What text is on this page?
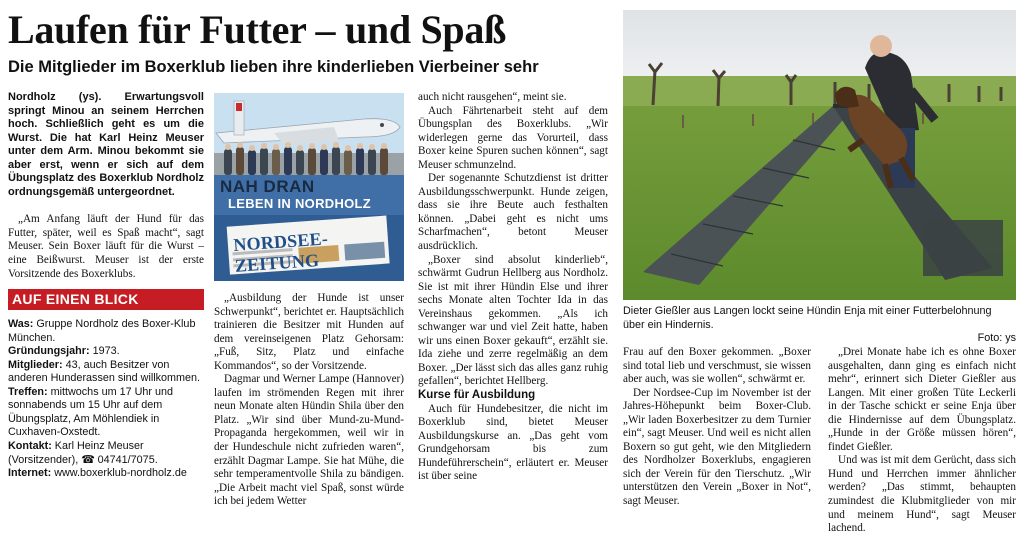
Laufen für Futter – und Spaß
Die Mitglieder im Boxerklub lieben ihre kinderlieben Vierbeiner sehr

Nordholz (ys). Erwartungsvoll springt Minou an seinem Herrchen hoch. Schließlich geht es um die Wurst. Die hat Karl Heinz Meuser unter dem Arm. Minou bekommt sie aber erst, wenn er sich auf dem Übungsplatz des Boxerklub Nordholz ordnungsgemäß untergeordnet.

„Am Anfang läuft der Hund für das Futter, später, weil es Spaß macht“, sagt Meuser. Sein Boxer läuft für die Wurst – eine Beißwurst. Meuser ist der erste Vorsitzende des Boxerklubs.

AUF EINEN BLICK
Was: Gruppe Nordholz des Boxer-Klub München.
Gründungsjahr: 1973.
Mitglieder: 43, auch Besitzer von anderen Hunderassen sind willkommen.
Treffen: mittwochs um 17 Uhr und sonnabends um 15 Uhr auf dem Übungsplatz, Am Möhlendiek in Cuxhaven-Oxstedt.
Kontakt: Karl Heinz Meuser (Vorsitzender), ☎ 04741/7075.
Internet: www.boxerklub-nordholz.de
NAH DRAN
LEBEN IN NORDHOLZ
NORDSEE-ZEITUNG

„Ausbildung der Hunde ist unser Schwerpunkt“, berichtet er. Hauptsächlich trainieren die Besitzer mit Hunden auf dem vereinseigenen Platz Gehorsam: „Fuß, Sitz, Platz und einfache Kommandos“, so der Vorsitzende.

Dagmar und Werner Lampe (Hannover) laufen im strömenden Regen mit ihrer neun Monate alten Hündin Shila über den Platz. „Wir sind über Mund-zu-Mund-Propaganda hergekommen, weil wir in der Hundeschule nicht zufrieden waren“, erzählt Dagmar Lampe. Sie hat Mühe, die sehr temperamentvolle Shila zu bändigen. „Die Arbeit macht viel Spaß, sonst würde ich bei jedem Wetter

auch nicht rausgehen“, meint sie.

Auch Fährtenarbeit steht auf dem Übungsplan des Boxerklubs. „Wir widerlegen gerne das Vorurteil, dass Boxer keine Spuren suchen können“, sagt Meuser schmunzelnd.

Der sogenannte Schutzdienst ist dritter Ausbildungsschwerpunkt. Hunde zeigen, dass sie ihre Beute auch festhalten können. „Dabei geht es nicht ums Scharfmachen“, betont Meuser ausdrücklich.

„Boxer sind absolut kinderlieb“, schwärmt Gudrun Hellberg aus Nordholz. Sie ist mit ihrer Hündin Else und ihrer sechs Monate alten Tochter Ida in das Vereinshaus gekommen. „Als ich schwanger war und viel Zeit hatte, haben wir uns einen Boxer gekauft“, erzählt sie. Ida ziehe und zerre regelmäßig an dem Boxer. „Der lässt sich das alles ganz ruhig gefallen“, berichtet Hellberg.

Kurse für Ausbildung

Auch für Hundebesitzer, die nicht im Boxerklub sind, bietet Meuser Ausbildungskurse an. „Das geht vom Grundgehorsam bis zum Hundeführerschein“, erläutert er. Meuser ist über seine

Dieter Gießler aus Langen lockt seine Hündin Enja mit einer Futterbelohnung über ein Hindernis.
Foto: ys

Frau auf den Boxer gekommen. „Boxer sind total lieb und verschmust, sie wissen aber auch, was sie wollen“, schwärmt er.

Der Nordsee-Cup im November ist der Jahres-Höhepunkt beim Boxer-Club. „Wir laden Boxerbesitzer zu dem Turnier ein“, sagt Meuser. Und weil es nicht allen Boxern so gut geht, wie den Mitgliedern des Nordholzer Boxerklubs, engagieren sich der Verein für den Tierschutz. „Wir unterstützen den Verein „Boxer in Not“, sagt Meuser.

„Drei Monate habe ich es ohne Boxer ausgehalten, dann ging es einfach nicht mehr“, erinnert sich Dieter Gießler aus Langen. Mit einer großen Tüte Leckerli in der Tasche schickt er seine Enja über die Hindernisse auf dem Übungsplatz. „Hunde in der Größe müssen hören“, findet Gießler.

Und was ist mit dem Gerücht, dass sich Hund und Herrchen immer ähnlicher werden? „Das stimmt, behaupten zumindest die Klubmitglieder von mir und meinem Hund“, sagt Meuser lachend.
